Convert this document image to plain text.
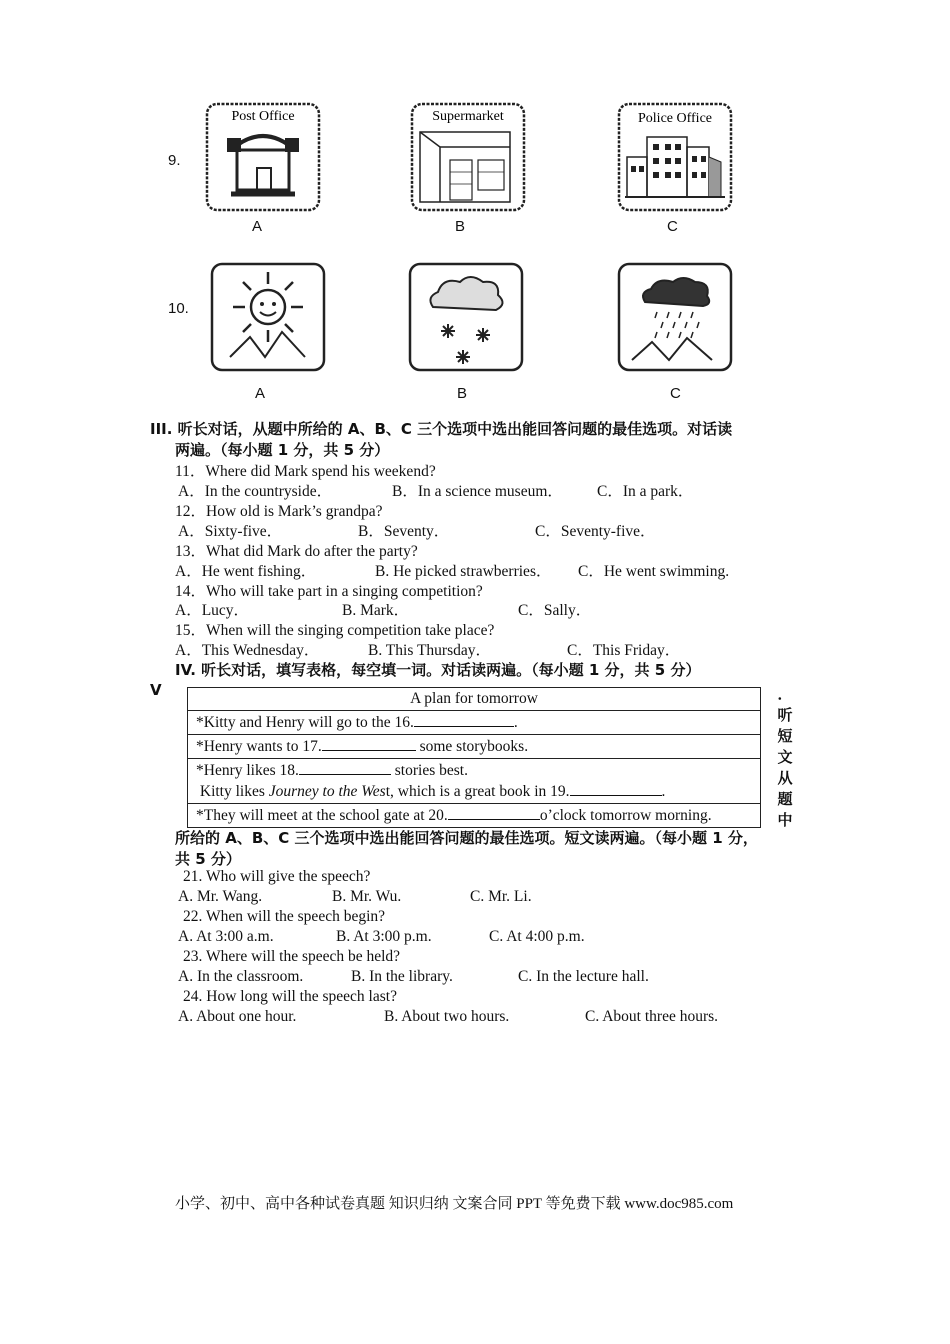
9.
Post Office
A
Supermarket
B
Police Office
C
10.
A	B	C
III. 听长对话，从题中所给的 A、B、C 三个选项中选出能回答问题的最佳选项。对话读
两遍。（每小题 1 分，共 5 分）
11．Where did Mark spend his weekend?
A．In the countryside．	B．In a science museum． C．In a park．
12．How old is Mark’s grandpa?
A．Sixty-five．	B．Seventy．	C．Seventy-five．
13．What did Mark do after the party?
A．He went fishing．	B. He picked strawberries． C．He went swimming.
14．Who will take part in a singing competition?
A．Lucy．	B. Mark．	C．Sally．
15．When will the singing competition take place?
A．This Wednesday．	B. This Thursday．	C．This Friday．
IV. 听长对话，填写表格，每空填一词。对话读两遍。（每小题 1 分，共 5 分）
V	A plan for tomorrow
*Kitty and Henry will go to the 16.	.
*Henry wants to 17.	some storybooks.
*Henry likes 18.	stories best.
Kitty likes Journey to the West, which is a great book in 19.	.
*They will meet at the school gate at 20.	o’clock tomorrow morning.
．
听
短
文
从
题
中
所给的 A、B、C 三个选项中选出能回答问题的最佳选项。短文读两遍。（每小题 1 分，
共 5 分）
21. Who will give the speech?
A. Mr. Wang.	B. Mr. Wu.	C. Mr. Li.
22. When will the speech begin?
A. At 3:00 a.m.	B. At 3:00 p.m.	C. At 4:00 p.m.
23. Where will the speech be held?
A. In the classroom.	B. In the library.	C. In the lecture hall.
24. How long will the speech last?
A. About one hour.	B. About two hours.	C. About three hours.
小学、初中、高中各种试卷真题 知识归纳 文案合同 PPT 等免费下载 www.doc985.com
